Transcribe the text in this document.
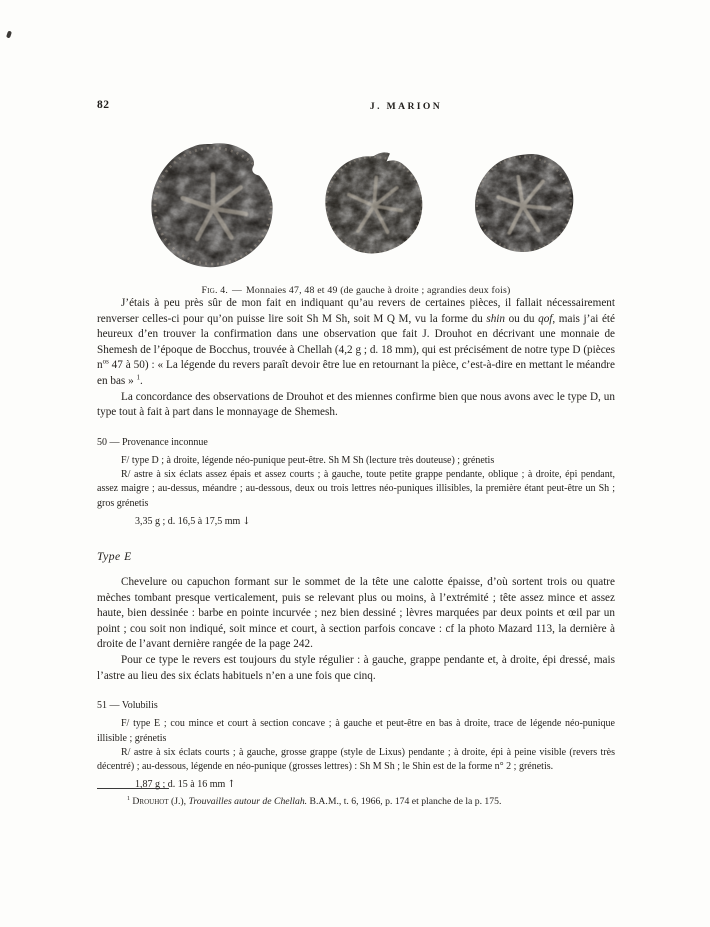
82	J. MARION
Fig. 4. — Monnaies 47, 48 et 49 (de gauche à droite ; agrandies deux fois)

J’étais à peu près sûr de mon fait en indiquant qu’au revers de certaines pièces, il fallait nécessairement renverser celles-ci pour qu’on puisse lire soit Sh M Sh, soit M Q M, vu la forme du shin ou du qof, mais j’ai été heureux d’en trouver la confirmation dans une observation que fait J. Drouhot en décrivant une monnaie de Shemesh de l’époque de Bocchus, trouvée à Chellah (4,2 g ; d. 18 mm), qui est précisément de notre type D (pièces $n^{os}$ 47 à 50) : « La légende du revers paraît devoir être lue en retournant la pièce, c’est-à-dire en mettant le méandre en bas » $^1$.

La concordance des observations de Drouhot et des miennes confirme bien que nous avons avec le type D, un type tout à fait à part dans le monnayage de Shemesh.

50 — Provenance inconnue

F/ type D ; à droite, légende néo-punique peut-être. Sh M Sh (lecture très douteuse) ; grénetis

R/ astre à six éclats assez épais et assez courts ; à gauche, toute petite grappe pendante, oblique ; à droite, épi pendant, assez maigre ; au-dessus, méandre ; au-dessous, deux ou trois lettres néo-puniques illisibles, la première étant peut-être un Sh ; gros grénetis

3,35 g ; d. 16,5 à 17,5 mm ↓

Type E

Chevelure ou capuchon formant sur le sommet de la tête une calotte épaisse, d’où sortent trois ou quatre mèches tombant presque verticalement, puis se relevant plus ou moins, à l’extrémité ; tête assez mince et assez haute, bien dessinée : barbe en pointe incurvée ; nez bien dessiné ; lèvres marquées par deux points et œil par un point ; cou soit non indiqué, soit mince et court, à section parfois concave : cf la photo Mazard 113, la dernière à droite de l’avant dernière rangée de la page 242.

Pour ce type le revers est toujours du style régulier : à gauche, grappe pendante et, à droite, épi dressé, mais l’astre au lieu des six éclats habituels n’en a une fois que cinq.

51 — Volubilis

F/ type E ; cou mince et court à section concave ; à gauche et peut-être en bas à droite, trace de légende néo-punique illisible ; grénetis

R/ astre à six éclats courts ; à gauche, grosse grappe (style de Lixus) pendante ; à droite, épi à peine visible (revers très décentré) ; au-dessous, légende en néo-punique (grosses lettres) : Sh M Sh ; le Shin est de la forme n° 2 ; grénetis.

1,87 g ; d. 15 à 16 mm ↑

$^1$ Drouhot (J.), Trouvailles autour de Chellah. B.A.M., t. 6, 1966, p. 174 et planche de la p. 175.
